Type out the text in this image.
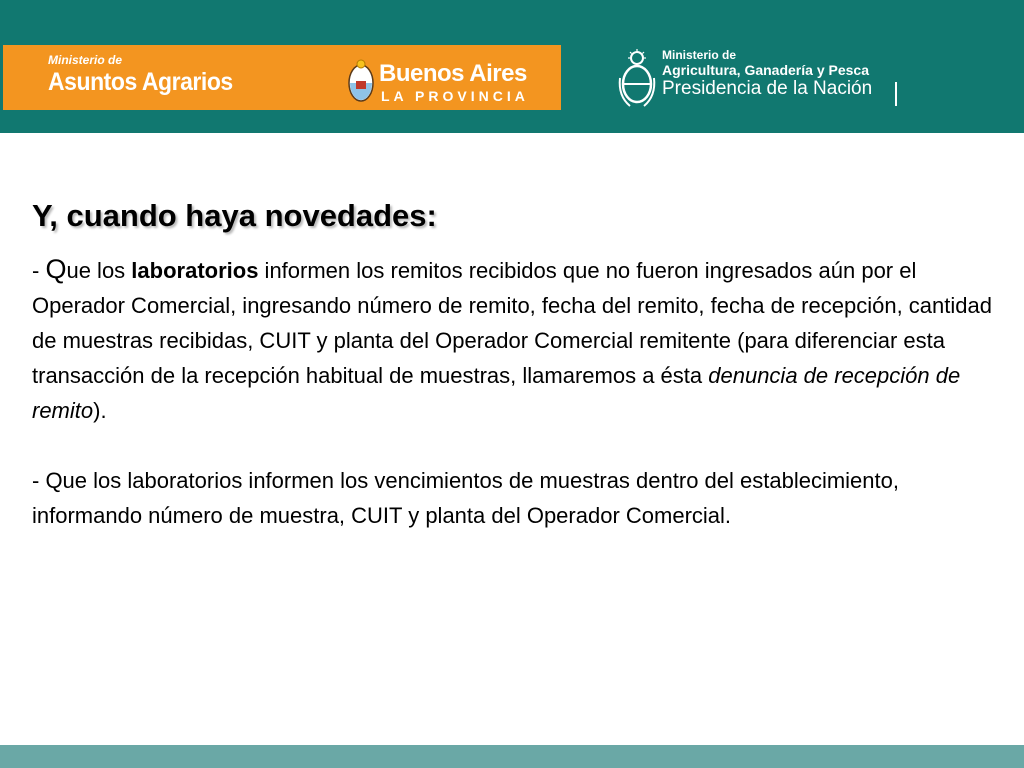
Ministerio de
Asuntos Agrarios	Buenos Aires
LA PROVINCIA
Ministerio de
Agricultura, Ganadería y Pesca
Presidencia de la Nación
Y, cuando haya novedades:

- Que los laboratorios informen los remitos recibidos que no fueron ingresados aún por el Operador Comercial, ingresando número de remito, fecha del remito, fecha de recepción, cantidad de muestras recibidas, CUIT y planta del Operador Comercial remitente (para diferenciar esta transacción de la recepción habitual de muestras, llamaremos a ésta denuncia de recepción de remito).

- Que los laboratorios informen los vencimientos de muestras dentro del establecimiento, informando número de muestra, CUIT y planta del Operador Comercial.
